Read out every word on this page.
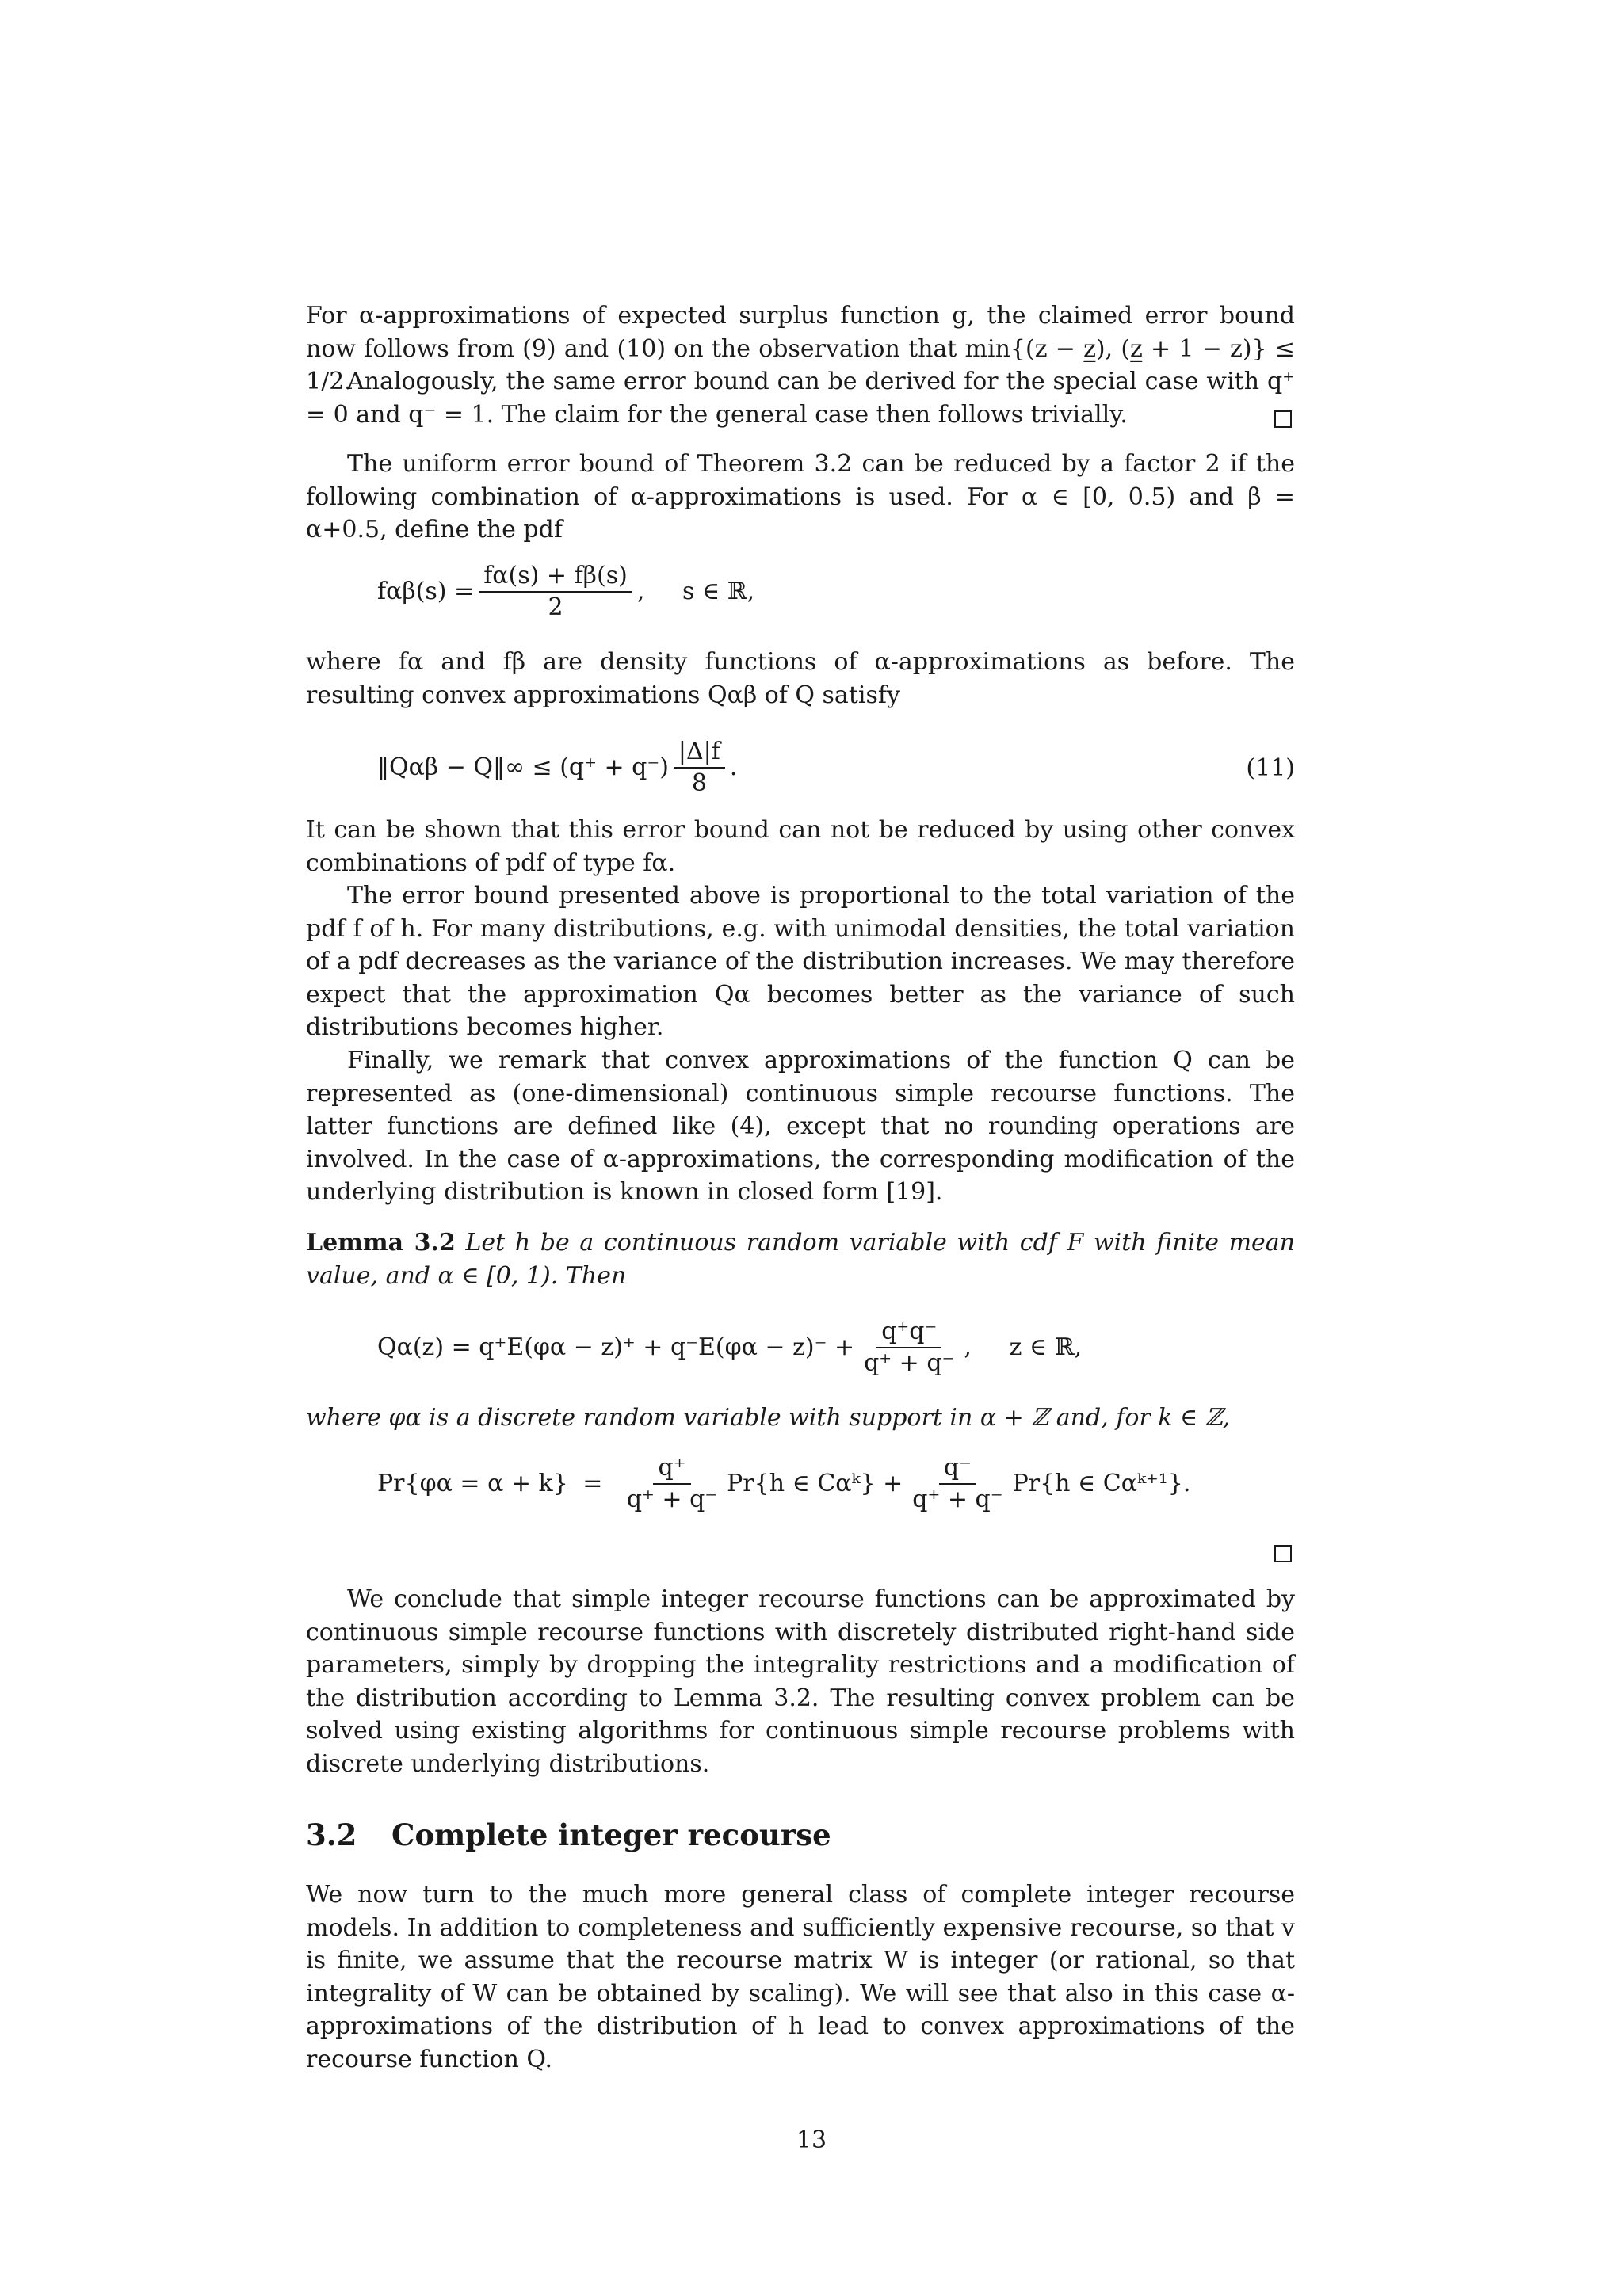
For α-approximations of expected surplus function g, the claimed error bound now follows from (9) and (10) on the observation that min{(z − z̲), (z̲ + 1 − z)} ≤ 1/2.

Analogously, the same error bound can be derived for the special case with q⁺ = 0 and q⁻ = 1. The claim for the general case then follows trivially.

The uniform error bound of Theorem 3.2 can be reduced by a factor 2 if the following combination of α-approximations is used. For α ∈ [0, 0.5) and β = α+0.5, define the pdf

$f\alpha\beta(s) = \frac{f\alpha(s) + f\beta(s)}{2}$ ,     s ∈ ℝ,

where fα and fβ are density functions of α-approximations as before. The resulting convex approximations Qαβ of Q satisfy

‖Qαβ − Q‖∞ ≤ $(q^+ + q^-) \frac{|\Delta|f}{8}$ .	(11)

It can be shown that this error bound can not be reduced by using other convex combinations of pdf of type fα.

The error bound presented above is proportional to the total variation of the pdf f of h. For many distributions, e.g. with unimodal densities, the total variation of a pdf decreases as the variance of the distribution increases. We may therefore expect that the approximation Qα becomes better as the variance of such distributions becomes higher.

Finally, we remark that convex approximations of the function Q can be represented as (one-dimensional) continuous simple recourse functions. The latter functions are defined like (4), except that no rounding operations are involved. In the case of α-approximations, the corresponding modification of the underlying distribution is known in closed form [19].

Lemma 3.2 Let h be a continuous random variable with cdf F with finite mean value, and α ∈ [0, 1). Then

$Q\alpha(z) = q^+E(\varphi\alpha - z)^+ + q^-E(\varphi\alpha - z)^- + \frac{q^+q^-}{q^+ + q^-}$ ,     z ∈ ℝ,

where φα is a discrete random variable with support in α + ℤ and, for k ∈ ℤ,

$Pr\{\varphi\alpha = \alpha + k\} = \frac{q^+}{q^+ + q^-} Pr\{h$ ∈ Cαᵏ} + $\frac{q^-}{q^+ + q^-} Pr\{h$ ∈ Cαᵏ⁺¹}.

We conclude that simple integer recourse functions can be approximated by continuous simple recourse functions with discretely distributed right-hand side parameters, simply by dropping the integrality restrictions and a modification of the distribution according to Lemma 3.2. The resulting convex problem can be solved using existing algorithms for continuous simple recourse problems with discrete underlying distributions.

3.2 Complete integer recourse

We now turn to the much more general class of complete integer recourse models. In addition to completeness and sufficiently expensive recourse, so that v is finite, we assume that the recourse matrix W is integer (or rational, so that integrality of W can be obtained by scaling). We will see that also in this case α- approximations of the distribution of h lead to convex approximations of the recourse function Q.

13
